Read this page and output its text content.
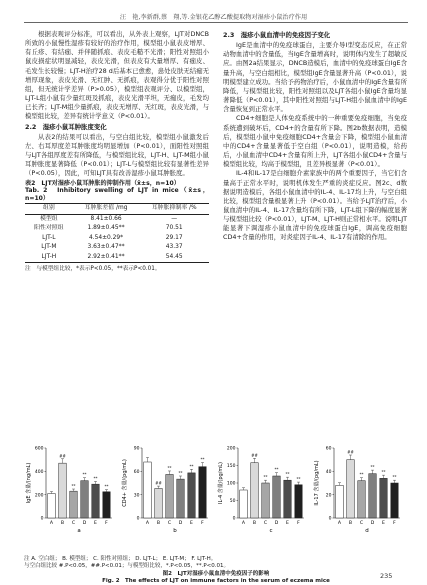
汪　艳,李新群,蔡　翔,等.金银花乙醇乙酸提取物对湿疹小鼠治疗作用

根据表观评分标准，可以看出，从外表上观察，LJT对DNCB所致的小鼠慢性湿疹有较好的治疗作用，模型组小鼠表皮增厚、有丘疹、有结痂、并伴随抓痕、表皮毛糙不光滑；阳性对照组小鼠皮损症状明显减轻，表皮光滑，但表皮有大量增厚、有痂皮、毛发生长较慢；LJT-H治疗28 d后基本已愈愈，患处皮肤无结痂无增厚现象，表皮光滑、无红肿、无抓痕，表观得分优于阳性对照组，但无统计学差异（P>0.05），模型组表观评分、以模型组，LJT-L组小鼠有少量红斑及抓痕，表皮光滑平坦，无痂皮，毛发均已长齐；LJT-M组少量抓痕，表皮无增厚、无红斑，表皮光滑，与模型组比较，差异有统计学意义（P<0.01）。

2.2　湿疹小鼠耳肿胀度变化

从表2的结果可以看出，与空白组比较，模型组小鼠激发后左、右耳厚度差耳肿胀度均明显增加（P<0.01），面阳性对照组与LJT各组厚度差有所降低，与模型组比较，LJT-H、LJT-M组小鼠耳肿胀度显著降低（P<0.01）；LJT-L与模型组比较有显著性差异（P<0.05），因此，可知LJT具有改善湿疹小鼠耳肿胀度。

表2　LJT对湿疹小鼠耳肿胀的抑制作用（x̄±s，n=10）
Tab. 2　Inhibitory swelling of LJT in mice（x̄±s，n=10）
组别	耳肿胀差值 /mg	耳肿胀抑制率 /%
模型组	8.41±0.66	—
阳性对照组	1.89±0.45**	70.51
LJT-L	4.54±0.29*	29.17
LJT-M	3.63±0.47**	43.37
LJT-H	2.92±0.41**	54.45
注　与模型组比较，*表示P<0.05，**表示P<0.01。

2.3　湿疹小鼠血清中的免疫因子变化

IgE是血清中的免疫球蛋白，主要介导Ⅰ型变态反应，在正常动物血清中的含量低，当IgE含量增高时，说明体内发生了超敏反应。由图2a结果显示，DNCB造模后，血清中的免疫球蛋白IgE含量升高，与空白组相比，模型组IgE含量显著升高（P<0.01），说明模型建立成功。当给予药物治疗后，小鼠血清中的IgE含量有所降低，与模型组比较，阳性对照组以及LJT各组小鼠IgE含量均显著降低（P<0.01），其中阳性对照组与LJT-H组小鼠血清中的IgE含量恢复到正常水平。

CD4+细胞是人体免疫系统中的一种重要免疫细胞，当免疫系统遭到破坏后，CD4+的含量有所下降。图2b数据表明，造模后，模型组小鼠中免疫细胞CD4+含量会下降，模型组小鼠血清中的CD4+含量显著低于空白组（P<0.01），说明造模，给药后，小鼠血清中CD4+含量有所上升，LJT各组小鼠CD4+含量与模型组比较，均高于模型组，且差异极显著（P<0.01）。

IL-4和IL-17是白细胞介素家族中的两个重要因子，当它们含量高于正常水平时，说明机体发生严重的炎症反应。图2c、d数据说明造模后，各组小鼠血清中的IL-4、IL-17均上升，与空白组比较，模型组含量极显著上升（P<0.01）。当给予LJT治疗后，小鼠血清中的IL-4、IL-17含量均有所下降，LJT-L组下降的幅度显著与模型组比较（P<0.01），LJT-M、LJT-H则正常相水平。说明LJT能显著下调湿疹小鼠血清中的免疫球蛋白IgE，调高免疫细胞CD4+含量的作用，对炎症因子IL-4、IL-17有清除的作用。

IgE 含量/(ng/mL)
0
200
400
600
A
##
B
**
C
**
D
**
E
**
F
a
CD4+ 含量/(pg/mL)
0
30
60
90
A
##
B
**
C
**
D
**
E
**
F
b
IL-4 含量/(pg/mL)
0
50
100
150
200
A
##
B
**
C
**
D
**
E
**
F
c
IL-17 含量/(pg/mL)
0
20
40
60
A
##
B
**
C
**
D
**
E
**
F
d
注 A. 空白组； B. 模型组； C. 阳性对照组； D. LJT-L； E. LJT-M； F. LJT-H。
与空白组比较 #.P<0.05，##.P<0.01；与模型组比较，*.P<0.05，**.P<0.01。
图2　LJT对湿疹小鼠血清中免疫因子的影响
Fig. 2　The effects of LJT on immune factors in the serum of eczema mice
235
